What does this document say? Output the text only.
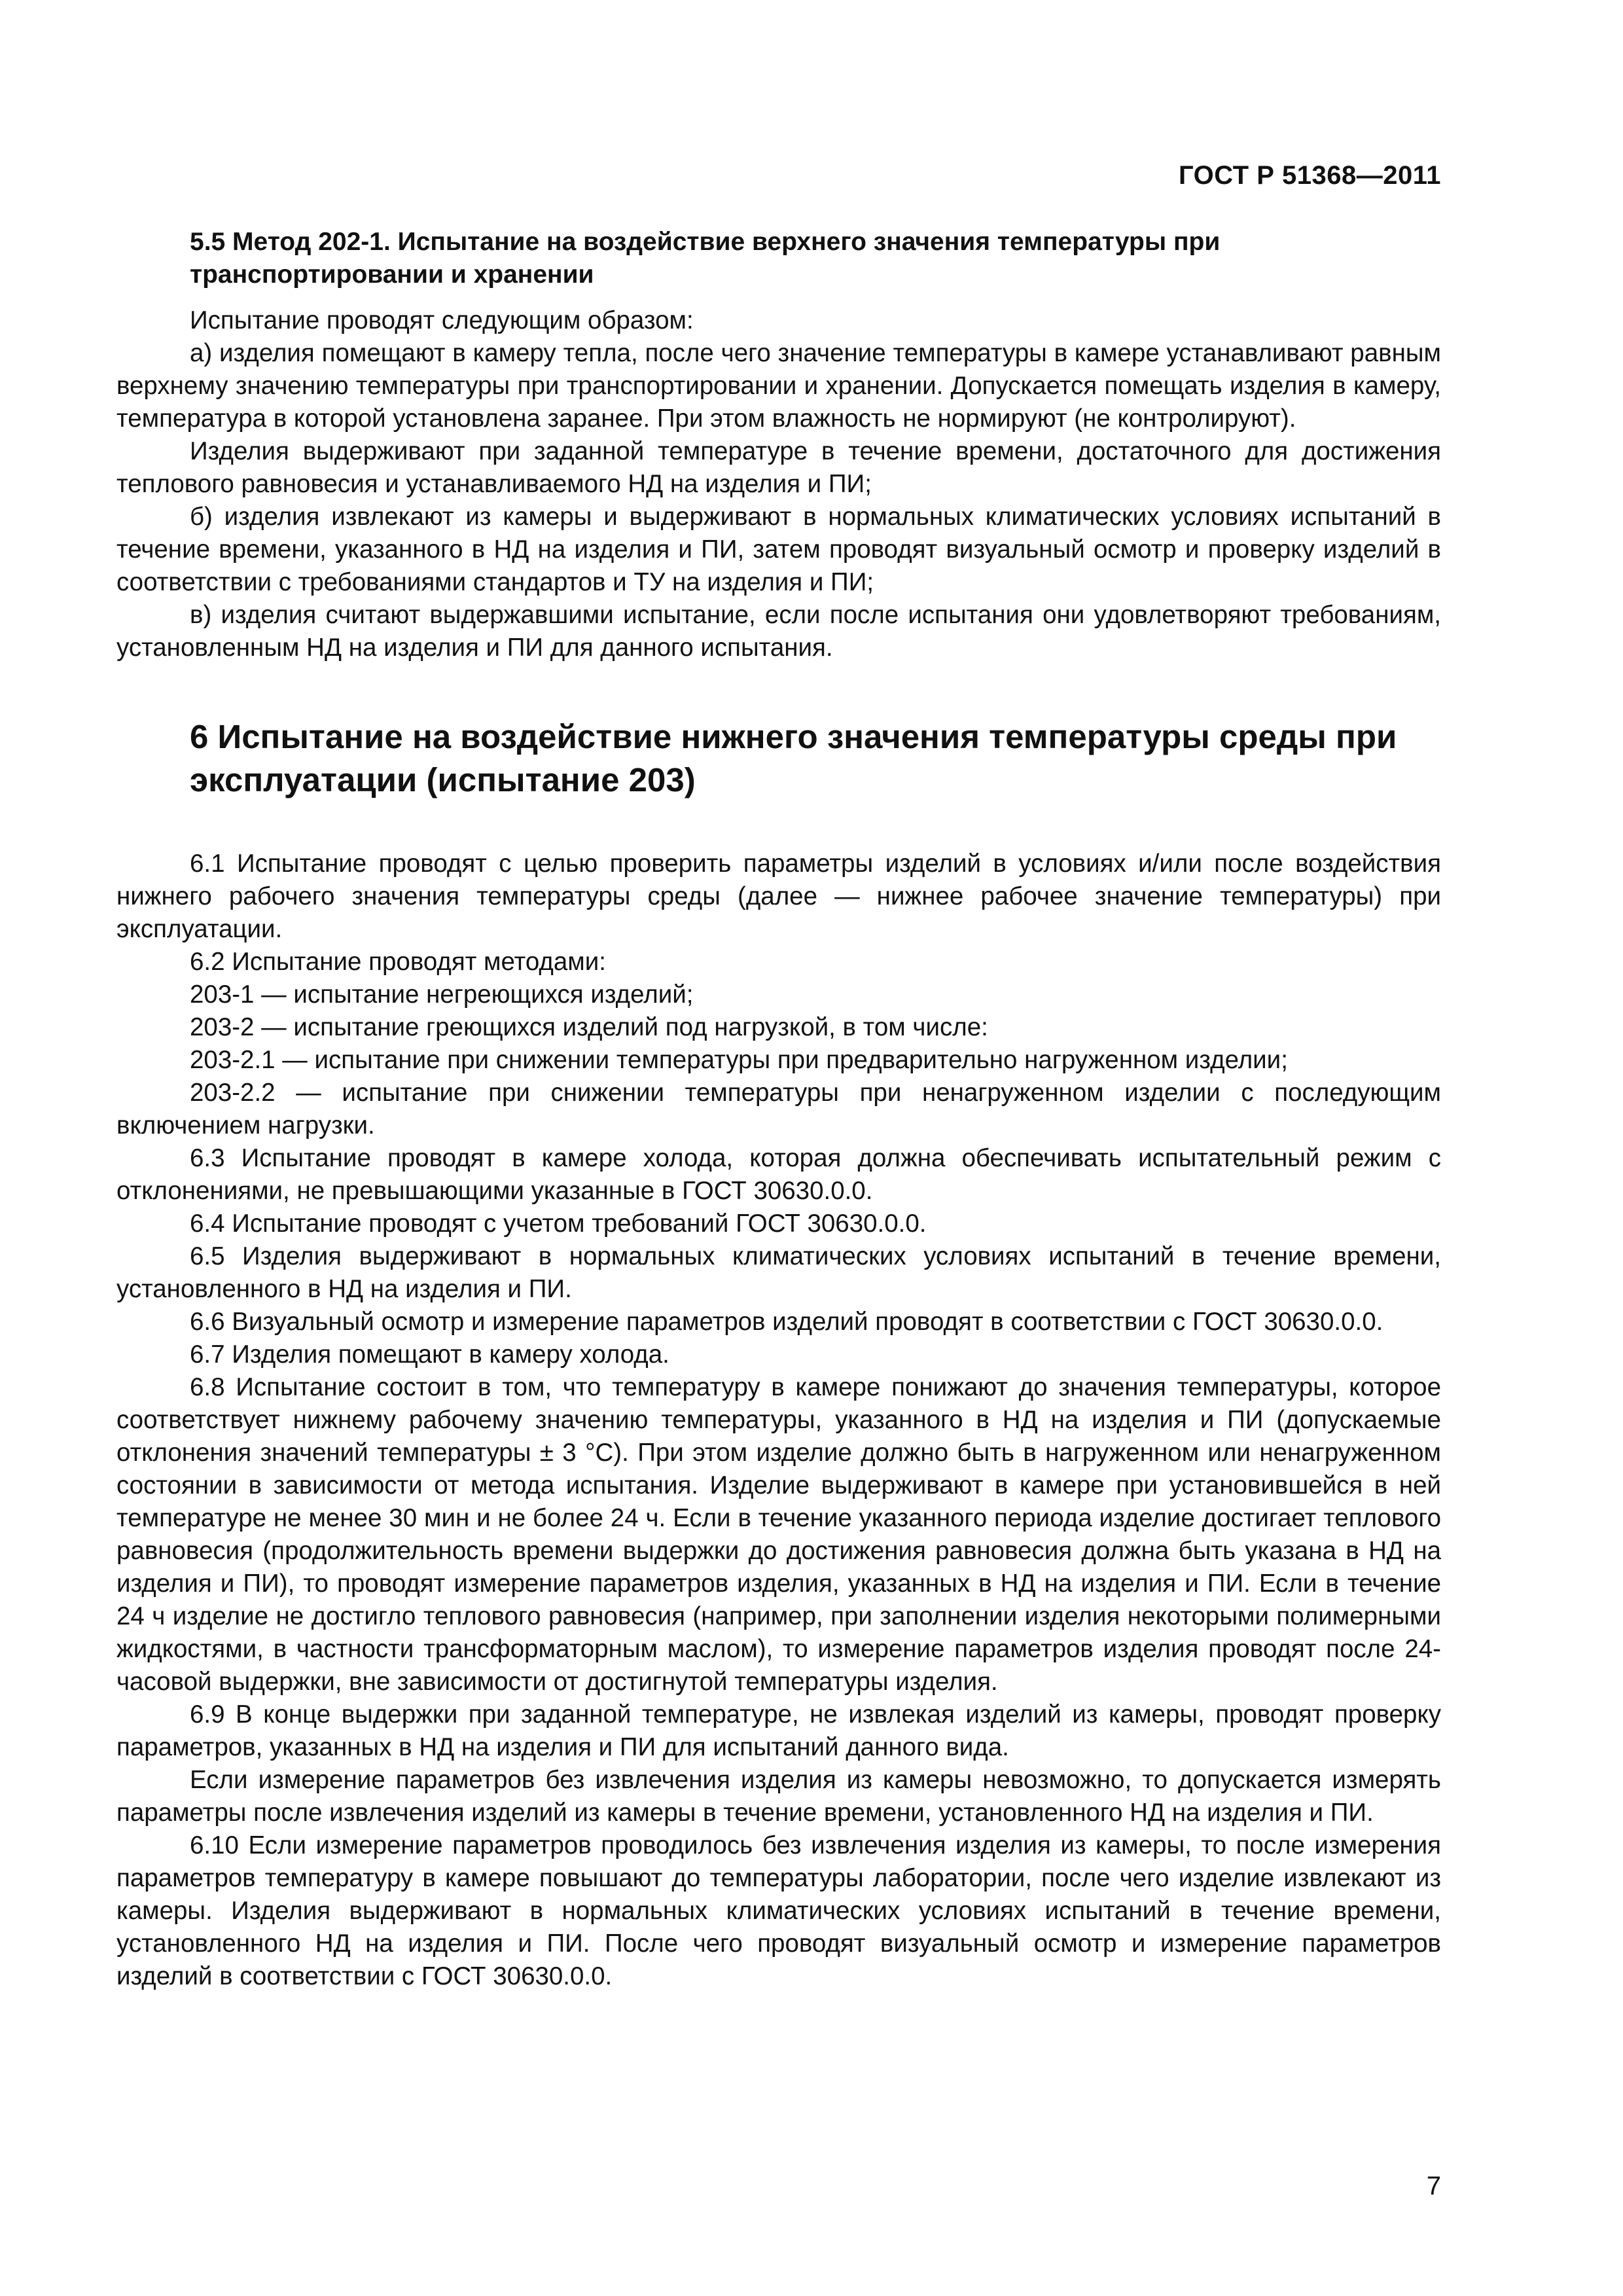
ГОСТ Р 51368—2011
5.5 Метод 202-1. Испытание на воздействие верхнего значения температуры при транспортировании и хранении

Испытание проводят следующим образом:

а) изделия помещают в камеру тепла, после чего значение температуры в камере устанавливают равным верхнему значению температуры при транспортировании и хранении. Допускается помещать изделия в камеру, температура в которой установлена заранее. При этом влажность не нормируют (не контролируют).

Изделия выдерживают при заданной температуре в течение времени, достаточного для достижения теплового равновесия и устанавливаемого НД на изделия и ПИ;

б) изделия извлекают из камеры и выдерживают в нормальных климатических условиях испытаний в течение времени, указанного в НД на изделия и ПИ, затем проводят визуальный осмотр и проверку изделий в соответствии с требованиями стандартов и ТУ на изделия и ПИ;

в) изделия считают выдержавшими испытание, если после испытания они удовлетворяют требованиям, установленным НД на изделия и ПИ для данного испытания.

6 Испытание на воздействие нижнего значения температуры среды при эксплуатации (испытание 203)

6.1 Испытание проводят с целью проверить параметры изделий в условиях и/или после воздействия нижнего рабочего значения температуры среды (далее — нижнее рабочее значение температуры) при эксплуатации.

6.2 Испытание проводят методами:

203-1 — испытание негреющихся изделий;

203-2 — испытание греющихся изделий под нагрузкой, в том числе:

203-2.1 — испытание при снижении температуры при предварительно нагруженном изделии;

203-2.2 — испытание при снижении температуры при ненагруженном изделии с последующим включением нагрузки.

6.3 Испытание проводят в камере холода, которая должна обеспечивать испытательный режим с отклонениями, не превышающими указанные в ГОСТ 30630.0.0.

6.4 Испытание проводят с учетом требований ГОСТ 30630.0.0.

6.5 Изделия выдерживают в нормальных климатических условиях испытаний в течение времени, установленного в НД на изделия и ПИ.

6.6 Визуальный осмотр и измерение параметров изделий проводят в соответствии с ГОСТ 30630.0.0.

6.7 Изделия помещают в камеру холода.

6.8 Испытание состоит в том, что температуру в камере понижают до значения температуры, которое соответствует нижнему рабочему значению температуры, указанного в НД на изделия и ПИ (допускаемые отклонения значений температуры ± 3 °С). При этом изделие должно быть в нагруженном или ненагруженном состоянии в зависимости от метода испытания. Изделие выдерживают в камере при установившейся в ней температуре не менее 30 мин и не более 24 ч. Если в течение указанного периода изделие достигает теплового равновесия (продолжительность времени выдержки до достижения равновесия должна быть указана в НД на изделия и ПИ), то проводят измерение параметров изделия, указанных в НД на изделия и ПИ. Если в течение 24 ч изделие не достигло теплового равновесия (например, при заполнении изделия некоторыми полимерными жидкостями, в частности трансформаторным маслом), то измерение параметров изделия проводят после 24-часовой выдержки, вне зависимости от достигнутой температуры изделия.

6.9 В конце выдержки при заданной температуре, не извлекая изделий из камеры, проводят проверку параметров, указанных в НД на изделия и ПИ для испытаний данного вида.

Если измерение параметров без извлечения изделия из камеры невозможно, то допускается измерять параметры после извлечения изделий из камеры в течение времени, установленного НД на изделия и ПИ.

6.10 Если измерение параметров проводилось без извлечения изделия из камеры, то после измерения параметров температуру в камере повышают до температуры лаборатории, после чего изделие извлекают из камеры. Изделия выдерживают в нормальных климатических условиях испытаний в течение времени, установленного НД на изделия и ПИ. После чего проводят визуальный осмотр и измерение параметров изделий в соответствии с ГОСТ 30630.0.0.

7
